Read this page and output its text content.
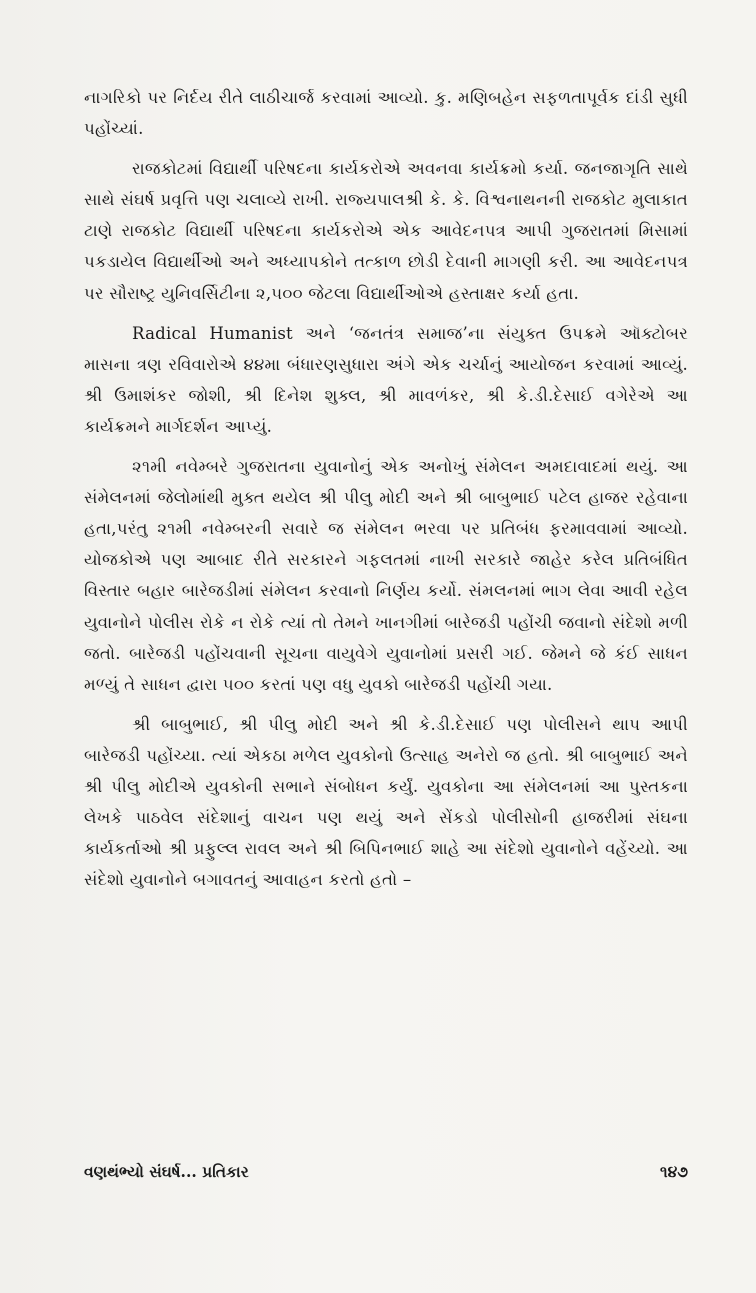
નાગરિકો પર નિર્દય રીતે લાઠીચાર્જ કરવામાં આવ્યો. કુ. મણિબહેન સફળતાપૂર્વક દાંડી સુધી પહોંચ્યાં.

રાજકોટમાં વિદ્યાર્થી પરિષદના કાર્યકરોએ અવનવા કાર્યક્રમો કર્યા. જનજાગૃતિ સાથે સાથે સંઘર્ષ પ્રવૃત્તિ પણ ચલાવ્યે રાખી. રાજ્યપાલશ્રી કે. કે. વિશ્વનાથનની રાજકોટ મુલાકાત ટાણે રાજકોટ વિદ્યાર્થી પરિષદના કાર્યકરોએ એક આવેદનપત્ર આપી ગુજરાતમાં મિસામાં પકડાયેલ વિદ્યાર્થીઓ અને અધ્યાપકોને તત્કાળ છોડી દેવાની માગણી કરી. આ આવેદનપત્ર પર સૌરાષ્ટ્ર યુનિવર્સિટીના ૨,૫૦૦ જેટલા વિદ્યાર્થીઓએ હસ્તાક્ષર કર્યા હતા.

Radical Humanist અને ‘જનતંત્ર સમાજ’ના સંયુક્ત ઉપક્રમે ઑક્ટોબર માસના ત્રણ રવિવારોએ ૪૪મા બંધારણસુધારા અંગે એક ચર્ચાનું આયોજન કરવામાં આવ્યું. શ્રી ઉમાશંકર જોશી, શ્રી દિનેશ શુક્લ, શ્રી માવળંકર, શ્રી કે.ડી.દેસાઈ વગેરેએ આ કાર્યક્રમને માર્ગદર્શન આપ્યું.

૨૧મી નવેમ્બરે ગુજરાતના યુવાનોનું એક અનોખું સંમેલન અમદાવાદમાં થયું. આ સંમેલનમાં જેલોમાંથી મુક્ત થયેલ શ્રી પીલુ મોદી અને શ્રી બાબુભાઈ પટેલ હાજર રહેવાના હતા,પરંતુ ૨૧મી નવેમ્બરની સવારે જ સંમેલન ભરવા પર પ્રતિબંધ ફરમાવવામાં આવ્યો. યોજકોએ પણ આબાદ રીતે સરકારને ગફલતમાં નાખી સરકારે જાહેર કરેલ પ્રતિબંધિત વિસ્તાર બહાર બારેજડીમાં સંમેલન કરવાનો નિર્ણય કર્યો. સંમલનમાં ભાગ લેવા આવી રહેલ યુવાનોને પોલીસ રોકે ન રોકે ત્યાં તો તેમને ખાનગીમાં બારેજડી પહોંચી જવાનો સંદેશો મળી જતો. બારેજડી પહોંચવાની સૂચના વાયુવેગે યુવાનોમાં પ્રસરી ગઈ. જેમને જે કંઈ સાધન મળ્યું તે સાધન દ્વારા ૫૦૦ કરતાં પણ વધુ યુવકો બારેજડી પહોંચી ગયા.

શ્રી બાબુભાઈ, શ્રી પીલુ મોદી અને શ્રી કે.ડી.દેસાઈ પણ પોલીસને થાપ આપી બારેજડી પહોંચ્યા. ત્યાં એકઠા મળેલ યુવકોનો ઉત્સાહ અનેરો જ હતો. શ્રી બાબુભાઈ અને શ્રી પીલુ મોદીએ યુવકોની સભાને સંબોધન કર્યું. યુવકોના આ સંમેલનમાં આ પુસ્તકના લેખકે પાઠવેલ સંદેશાનું વાચન પણ થયું અને સેંકડો પોલીસોની હાજરીમાં સંઘના કાર્યકર્તાઓ શ્રી પ્રફુલ્લ રાવલ અને શ્રી બિપિનભાઈ શાહે આ સંદેશો યુવાનોને વહેંચ્યો. આ સંદેશો યુવાનોને બગાવતનું આવાહન કરતો હતો –

વણથંભ્યો સંઘર્ષ... પ્રતિકાર	૧૪૭
